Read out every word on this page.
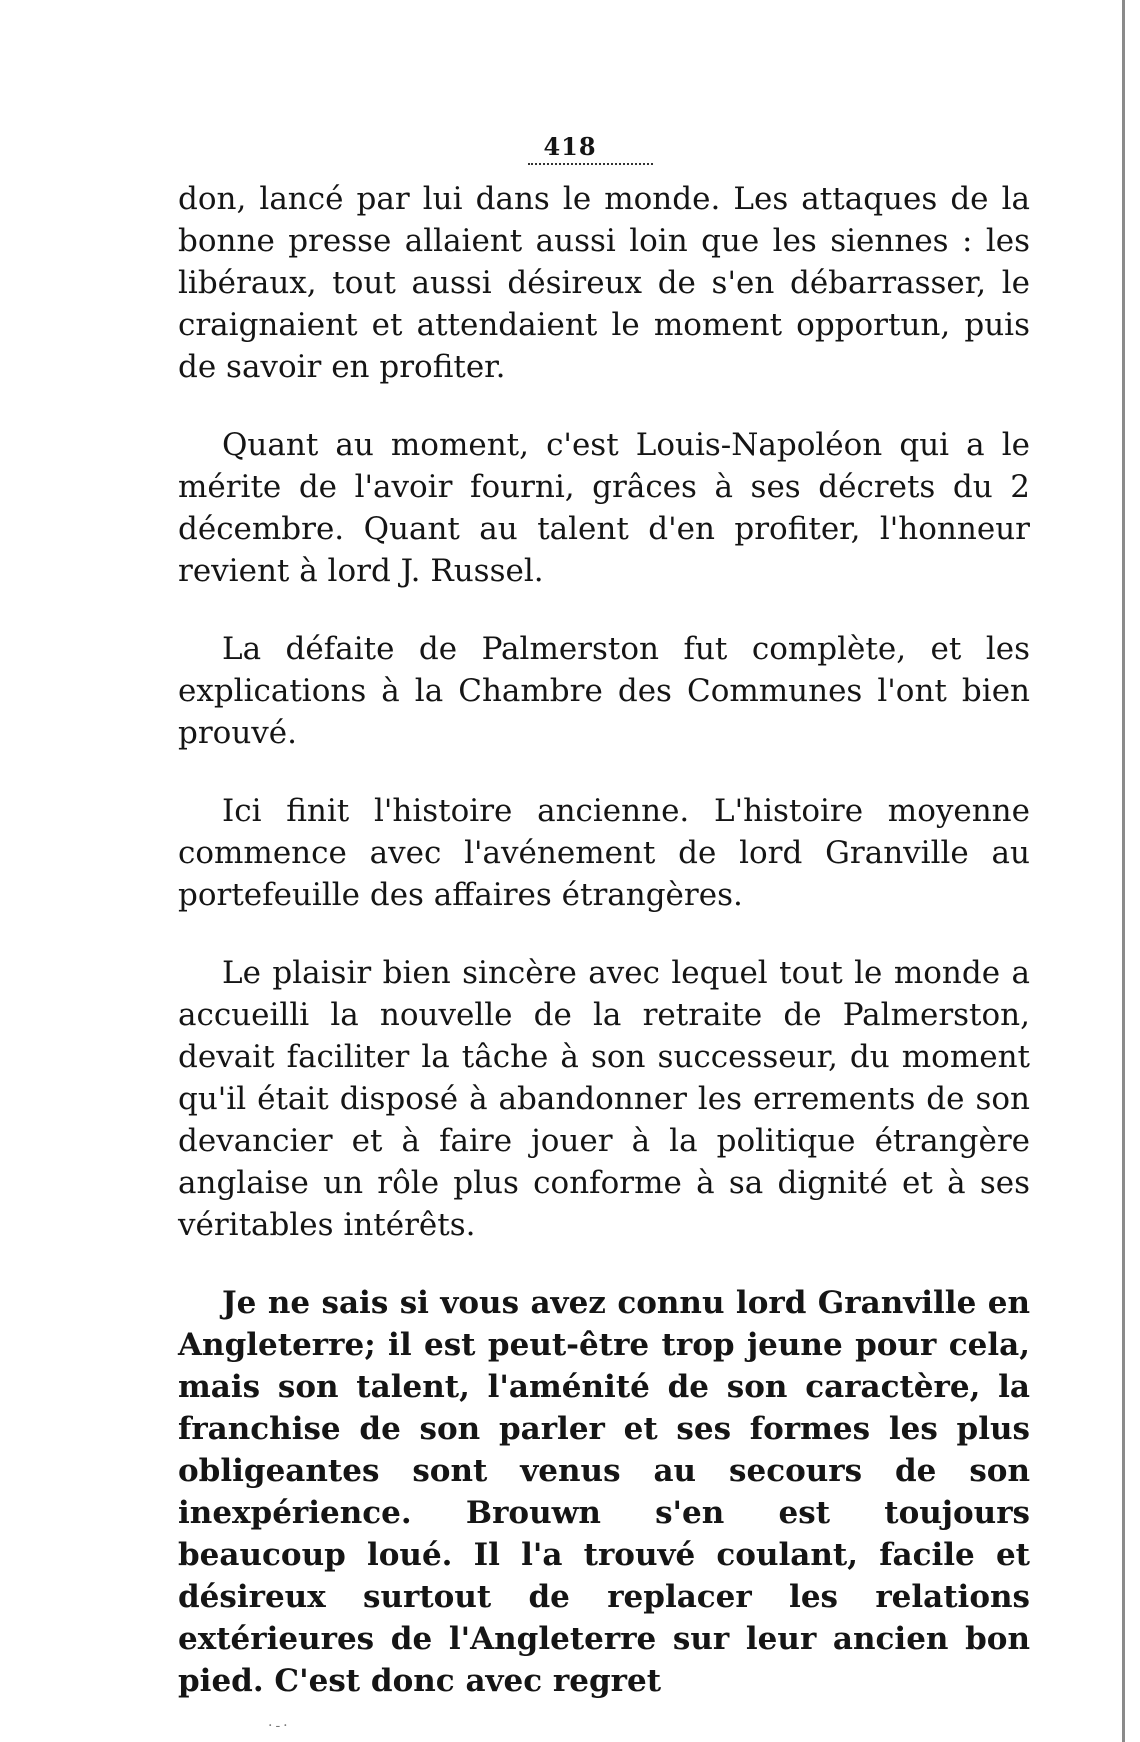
418

don, lancé par lui dans le monde. Les attaques de la bonne presse allaient aussi loin que les siennes : les libéraux, tout aussi désireux de s'en débarrasser, le craignaient et attendaient le moment opportun, puis de savoir en profiter.

Quant au moment, c'est Louis-Napoléon qui a le mérite de l'avoir fourni, grâces à ses décrets du 2 décembre. Quant au talent d'en profiter, l'honneur revient à lord J. Russel.

La défaite de Palmerston fut complète, et les explications à la Chambre des Communes l'ont bien prouvé.

Ici finit l'histoire ancienne. L'histoire moyenne commence avec l'avénement de lord Granville au portefeuille des affaires étrangères.

Le plaisir bien sincère avec lequel tout le monde a accueilli la nouvelle de la retraite de Palmerston, devait faciliter la tâche à son successeur, du moment qu'il était disposé à abandonner les errements de son devancier et à faire jouer à la politique étrangère anglaise un rôle plus conforme à sa dignité et à ses véritables intérêts.

Je ne sais si vous avez connu lord Granville en Angleterre; il est peut-être trop jeune pour cela, mais son talent, l'aménité de son caractère, la franchise de son parler et ses formes les plus obligeantes sont venus au secours de son inexpérience. Brouwn s'en est toujours beaucoup loué. Il l'a trouvé coulant, facile et désireux surtout de replacer les relations extérieures de l'Angleterre sur leur ancien bon pied. C'est donc avec regret

·-·
